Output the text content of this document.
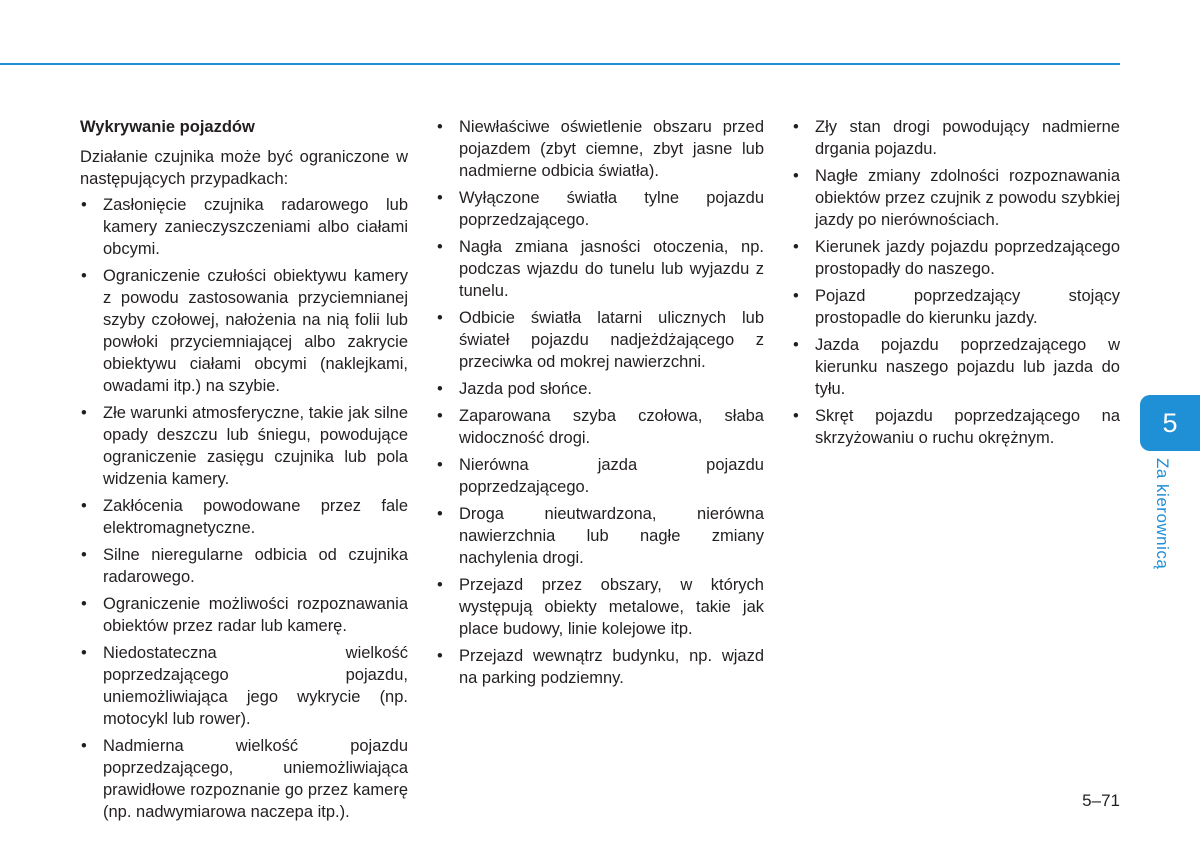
Wykrywanie pojazdów

Działanie czujnika może być ograniczone w następujących przypadkach:

• Zasłonięcie czujnika radarowego lub kamery zanieczyszczeniami albo ciałami obcymi.
• Ograniczenie czułości obiektywu kamery z powodu zastosowania przyciemnianej szyby czołowej, nałożenia na nią folii lub powłoki przyciemniającej albo zakrycie obiektywu ciałami obcymi (naklejkami, owadami itp.) na szybie.
• Złe warunki atmosferyczne, takie jak silne opady deszczu lub śniegu, powodujące ograniczenie zasięgu czujnika lub pola widzenia kamery.
• Zakłócenia powodowane przez fale elektromagnetyczne.
• Silne nieregularne odbicia od czujnika radarowego.
• Ograniczenie możliwości rozpoznawania obiektów przez radar lub kamerę.
• Niedostateczna wielkość poprzedzającego pojazdu, uniemożliwiająca jego wykrycie (np. motocykl lub rower).
• Nadmierna wielkość pojazdu poprzedzającego, uniemożliwiająca prawidłowe rozpoznanie go przez kamerę (np. nadwymiarowa naczepa itp.).
• Niewłaściwe oświetlenie obszaru przed pojazdem (zbyt ciemne, zbyt jasne lub nadmierne odbicia światła).
• Wyłączone światła tylne pojazdu poprzedzającego.
• Nagła zmiana jasności otoczenia, np. podczas wjazdu do tunelu lub wyjazdu z tunelu.
• Odbicie światła latarni ulicznych lub świateł pojazdu nadjeżdżającego z przeciwka od mokrej nawierzchni.
• Jazda pod słońce.
• Zaparowana szyba czołowa, słaba widoczność drogi.
• Nierówna jazda pojazdu poprzedzającego.
• Droga nieutwardzona, nierówna nawierzchnia lub nagłe zmiany nachylenia drogi.
• Przejazd przez obszary, w których występują obiekty metalowe, takie jak place budowy, linie kolejowe itp.
• Przejazd wewnątrz budynku, np. wjazd na parking podziemny.
• Zły stan drogi powodujący nadmierne drgania pojazdu.
• Nagłe zmiany zdolności rozpoznawania obiektów przez czujnik z powodu szybkiej jazdy po nierównościach.
• Kierunek jazdy pojazdu poprzedzającego prostopadły do naszego.
• Pojazd poprzedzający stojący prostopadle do kierunku jazdy.
• Jazda pojazdu poprzedzającego w kierunku naszego pojazdu lub jazda do tyłu.
• Skręt pojazdu poprzedzającego na skrzyżowaniu o ruchu okrężnym.	5
Za kierownicą
5–71
